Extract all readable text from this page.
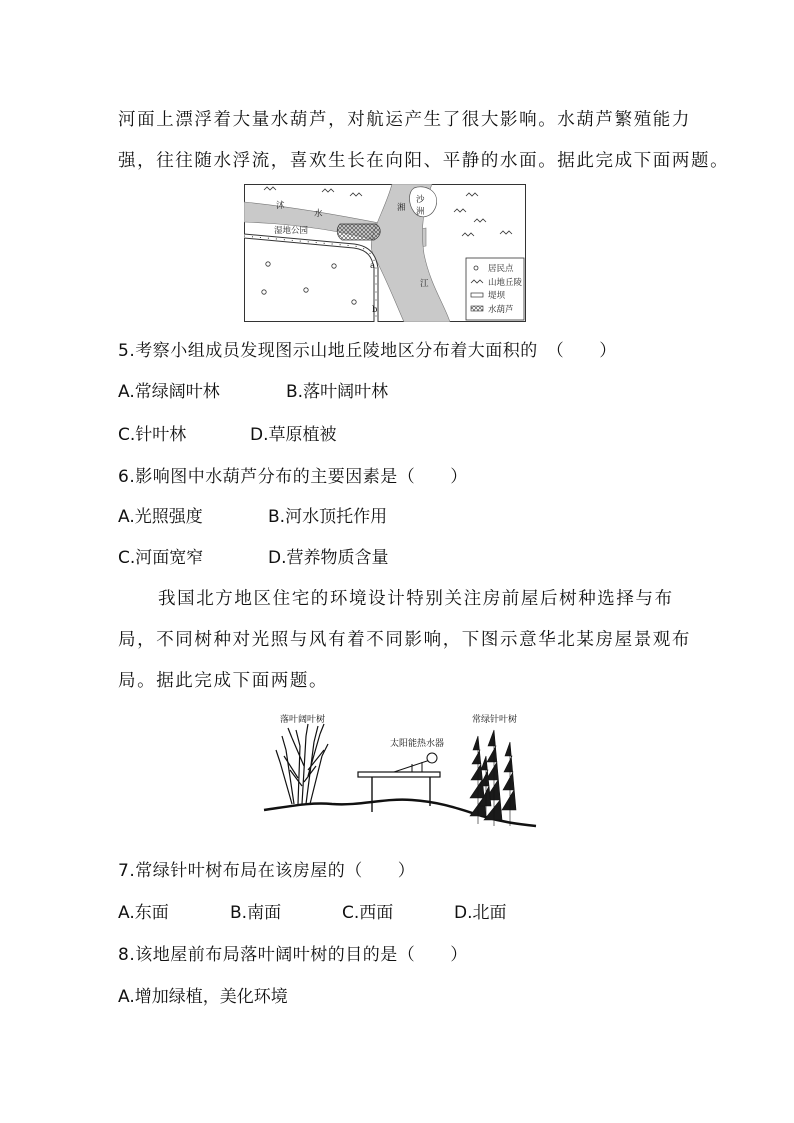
河面上漂浮着大量水葫芦，对航运产生了很大影响。水葫芦繁殖能力
强，往往随水浮流，喜欢生长在向阳、平静的水面。据此完成下面两题。
沭
水
湘
江
沙
洲
湿地公园
a
b
居民点
山地丘陵
堤坝
水葫芦
5.考察小组成员发现图示山地丘陵地区分布着大面积的　（　　）
A.常绿阔叶林	B.落叶阔叶林
C.针叶林	D.草原植被
6.影响图中水葫芦分布的主要因素是（　　）
A.光照强度	B.河水顶托作用
C.河面宽窄	D.营养物质含量
我国北方地区住宅的环境设计特别关注房前屋后树种选择与布
局，不同树种对光照与风有着不同影响，下图示意华北某房屋景观布
局。据此完成下面两题。
落叶阔叶树
太阳能热水器
常绿针叶树
7.常绿针叶树布局在该房屋的（　　）
A.东面	B.南面	C.西面	D.北面
8.该地屋前布局落叶阔叶树的目的是（　　）
A.增加绿植，美化环境
